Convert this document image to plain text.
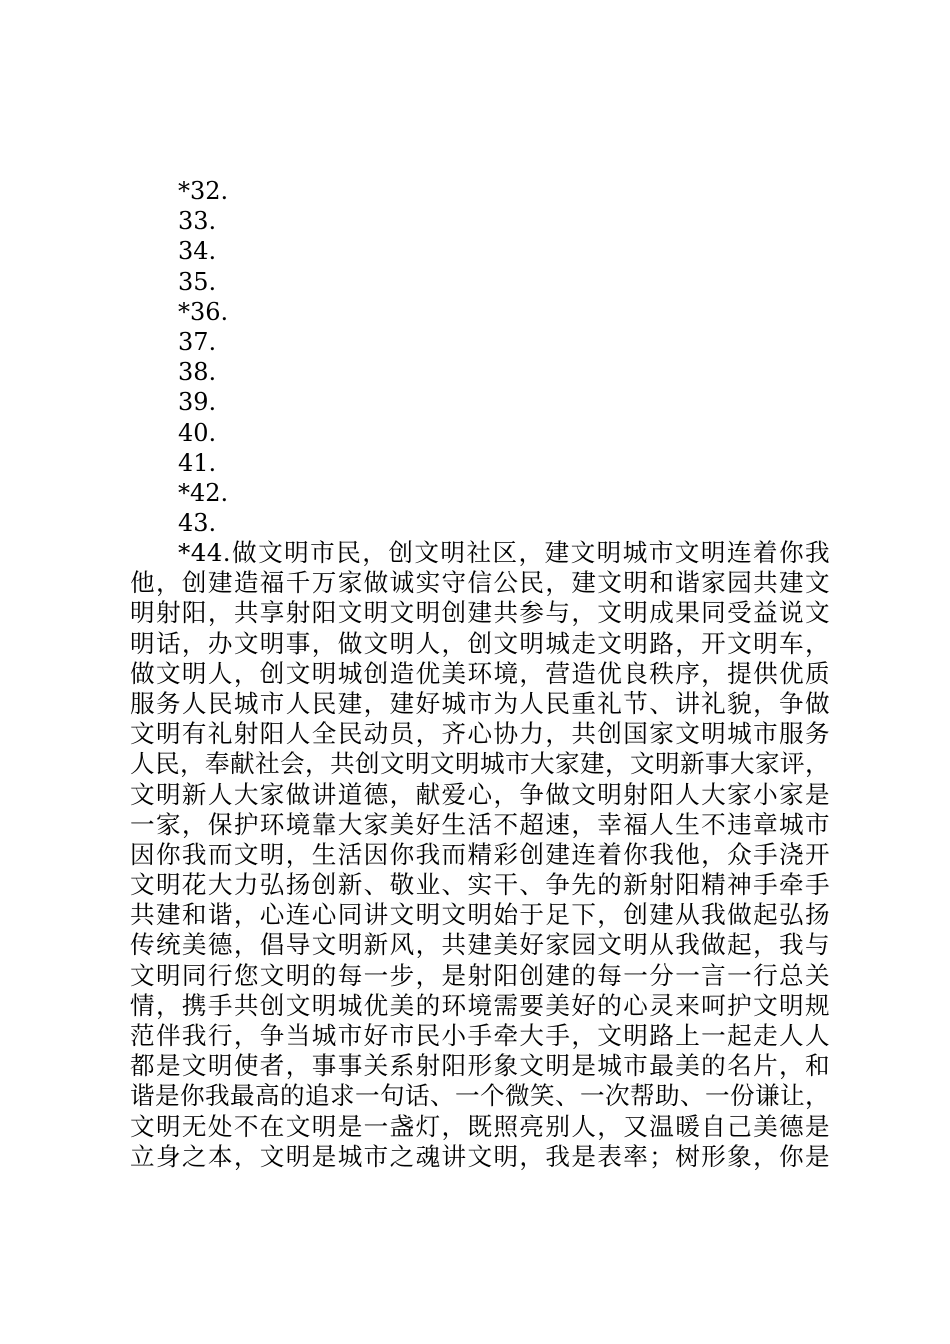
*32.
33.
34.
35.
*36.
37.
38.
39.
40.
41.
*42.
43.
*44.做文明市民，创文明社区，建文明城市文明连着你我
他，创建造福千万家做诚实守信公民，建文明和谐家园共建文
明射阳，共享射阳文明文明创建共参与，文明成果同受益说文
明话，办文明事，做文明人，创文明城走文明路，开文明车，
做文明人，创文明城创造优美环境，营造优良秩序，提供优质
服务人民城市人民建，建好城市为人民重礼节、讲礼貌，争做
文明有礼射阳人全民动员，齐心协力，共创国家文明城市服务
人民，奉献社会，共创文明文明城市大家建，文明新事大家评，
文明新人大家做讲道德，献爱心，争做文明射阳人大家小家是
一家，保护环境靠大家美好生活不超速，幸福人生不违章城市
因你我而文明，生活因你我而精彩创建连着你我他，众手浇开
文明花大力弘扬创新、敬业、实干、争先的新射阳精神手牵手
共建和谐，心连心同讲文明文明始于足下，创建从我做起弘扬
传统美德，倡导文明新风，共建美好家园文明从我做起，我与
文明同行您文明的每一步，是射阳创建的每一分一言一行总关
情，携手共创文明城优美的环境需要美好的心灵来呵护文明规
范伴我行，争当城市好市民小手牵大手，文明路上一起走人人
都是文明使者，事事关系射阳形象文明是城市最美的名片，和
谐是你我最高的追求一句话、一个微笑、一次帮助、一份谦让，
文明无处不在文明是一盏灯，既照亮别人，又温暖自己美德是
立身之本，文明是城市之魂讲文明，我是表率；树形象，你是
